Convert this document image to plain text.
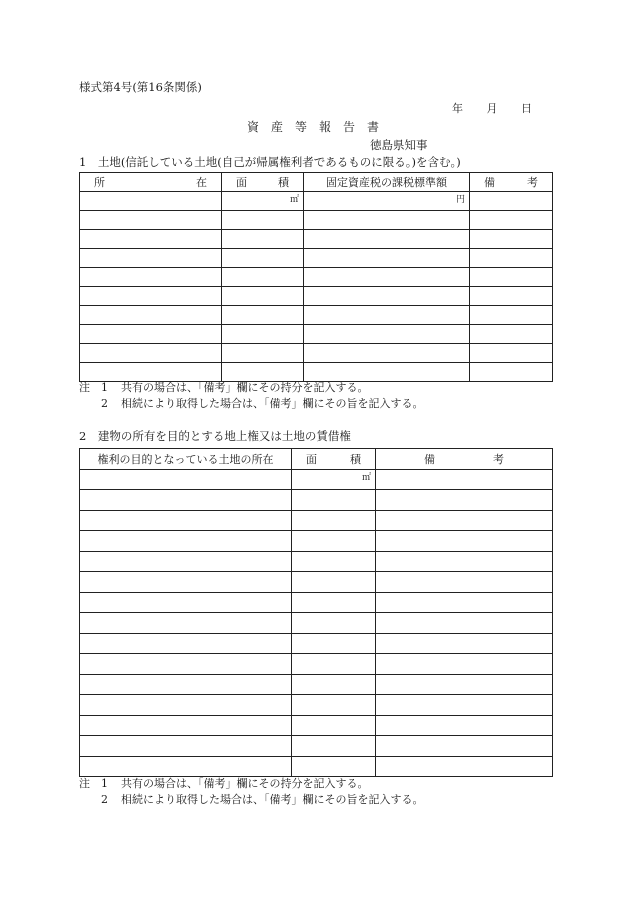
様式第4号(第16条関係)
年 月 日
資産等報告書
徳島県知事
1　土地(信託している土地(自己が帰属権利者であるものに限る。)を含む。)
所 在	面 積	固定資産税の課税標準額	備 考

	㎡	円	

注	1	共有の場合は、「備考」欄にその持分を記入する。
2	相続により取得した場合は、「備考」欄にその旨を記入する。
2　建物の所有を目的とする地上権又は土地の賃借権
権利の目的となっている土地の所在	面 積	備 考

	㎡	

注	1	共有の場合は、「備考」欄にその持分を記入する。
2	相続により取得した場合は、「備考」欄にその旨を記入する。
